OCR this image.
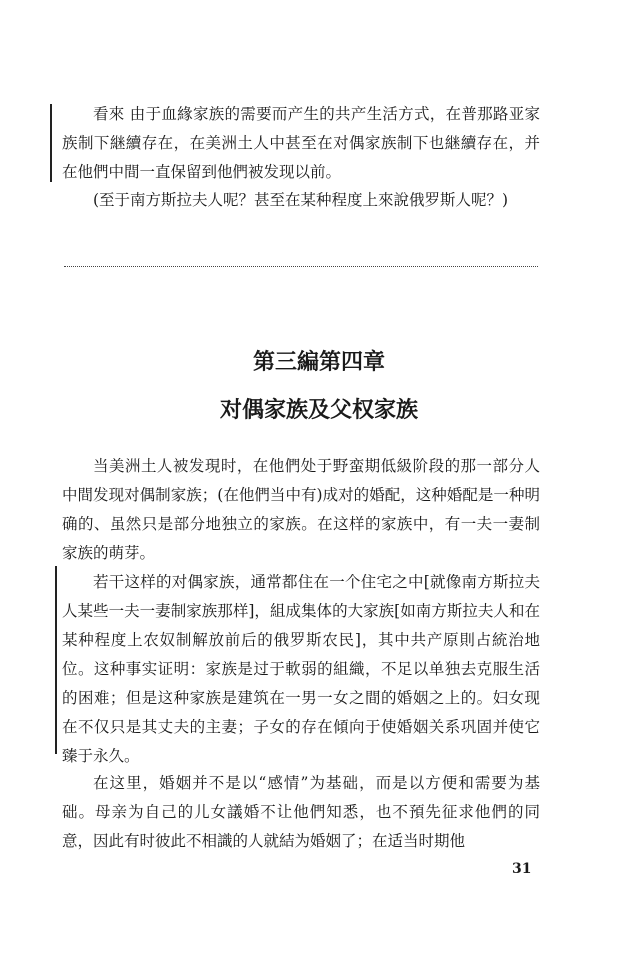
看來 由于血緣家族的需要而产生的共产生活方式，在普那路亚家族制下継續存在，在美洲土人中甚至在对偶家族制下也継續存在，并在他們中間一直保留到他們被发现以前。

(至于南方斯拉夫人呢？甚至在某种程度上來說俄罗斯人呢？)

第三編第四章
对偶家族及父权家族

当美洲土人被发現时，在他們处于野蛮期低級阶段的那一部分人中間发现对偶制家族；(在他們当中有)成对的婚配，这种婚配是一种明确的、虽然只是部分地独立的家族。在这样的家族中，有一夫一妻制家族的萌芽。

若干这样的对偶家族，通常都住在一个住宅之中[就像南方斯拉夫人某些一夫一妻制家族那样]，組成集体的大家族[如南方斯拉夫人和在某种程度上农奴制解放前后的俄罗斯农民]，其中共产原則占統治地位。这种事实证明：家族是过于軟弱的組織，不足以单独去克服生活的困难；但是这种家族是建筑在一男一女之間的婚姻之上的。妇女现在不仅只是其丈夫的主妻；子女的存在傾向于使婚姻关系巩固并使它臻于永久。

在这里，婚姻并不是以“感情”为基础，而是以方便和需要为基础。母亲为自己的儿女議婚不让他們知悉，也不預先征求他們的同意，因此有时彼此不相識的人就結为婚姻了；在适当时期他

31
